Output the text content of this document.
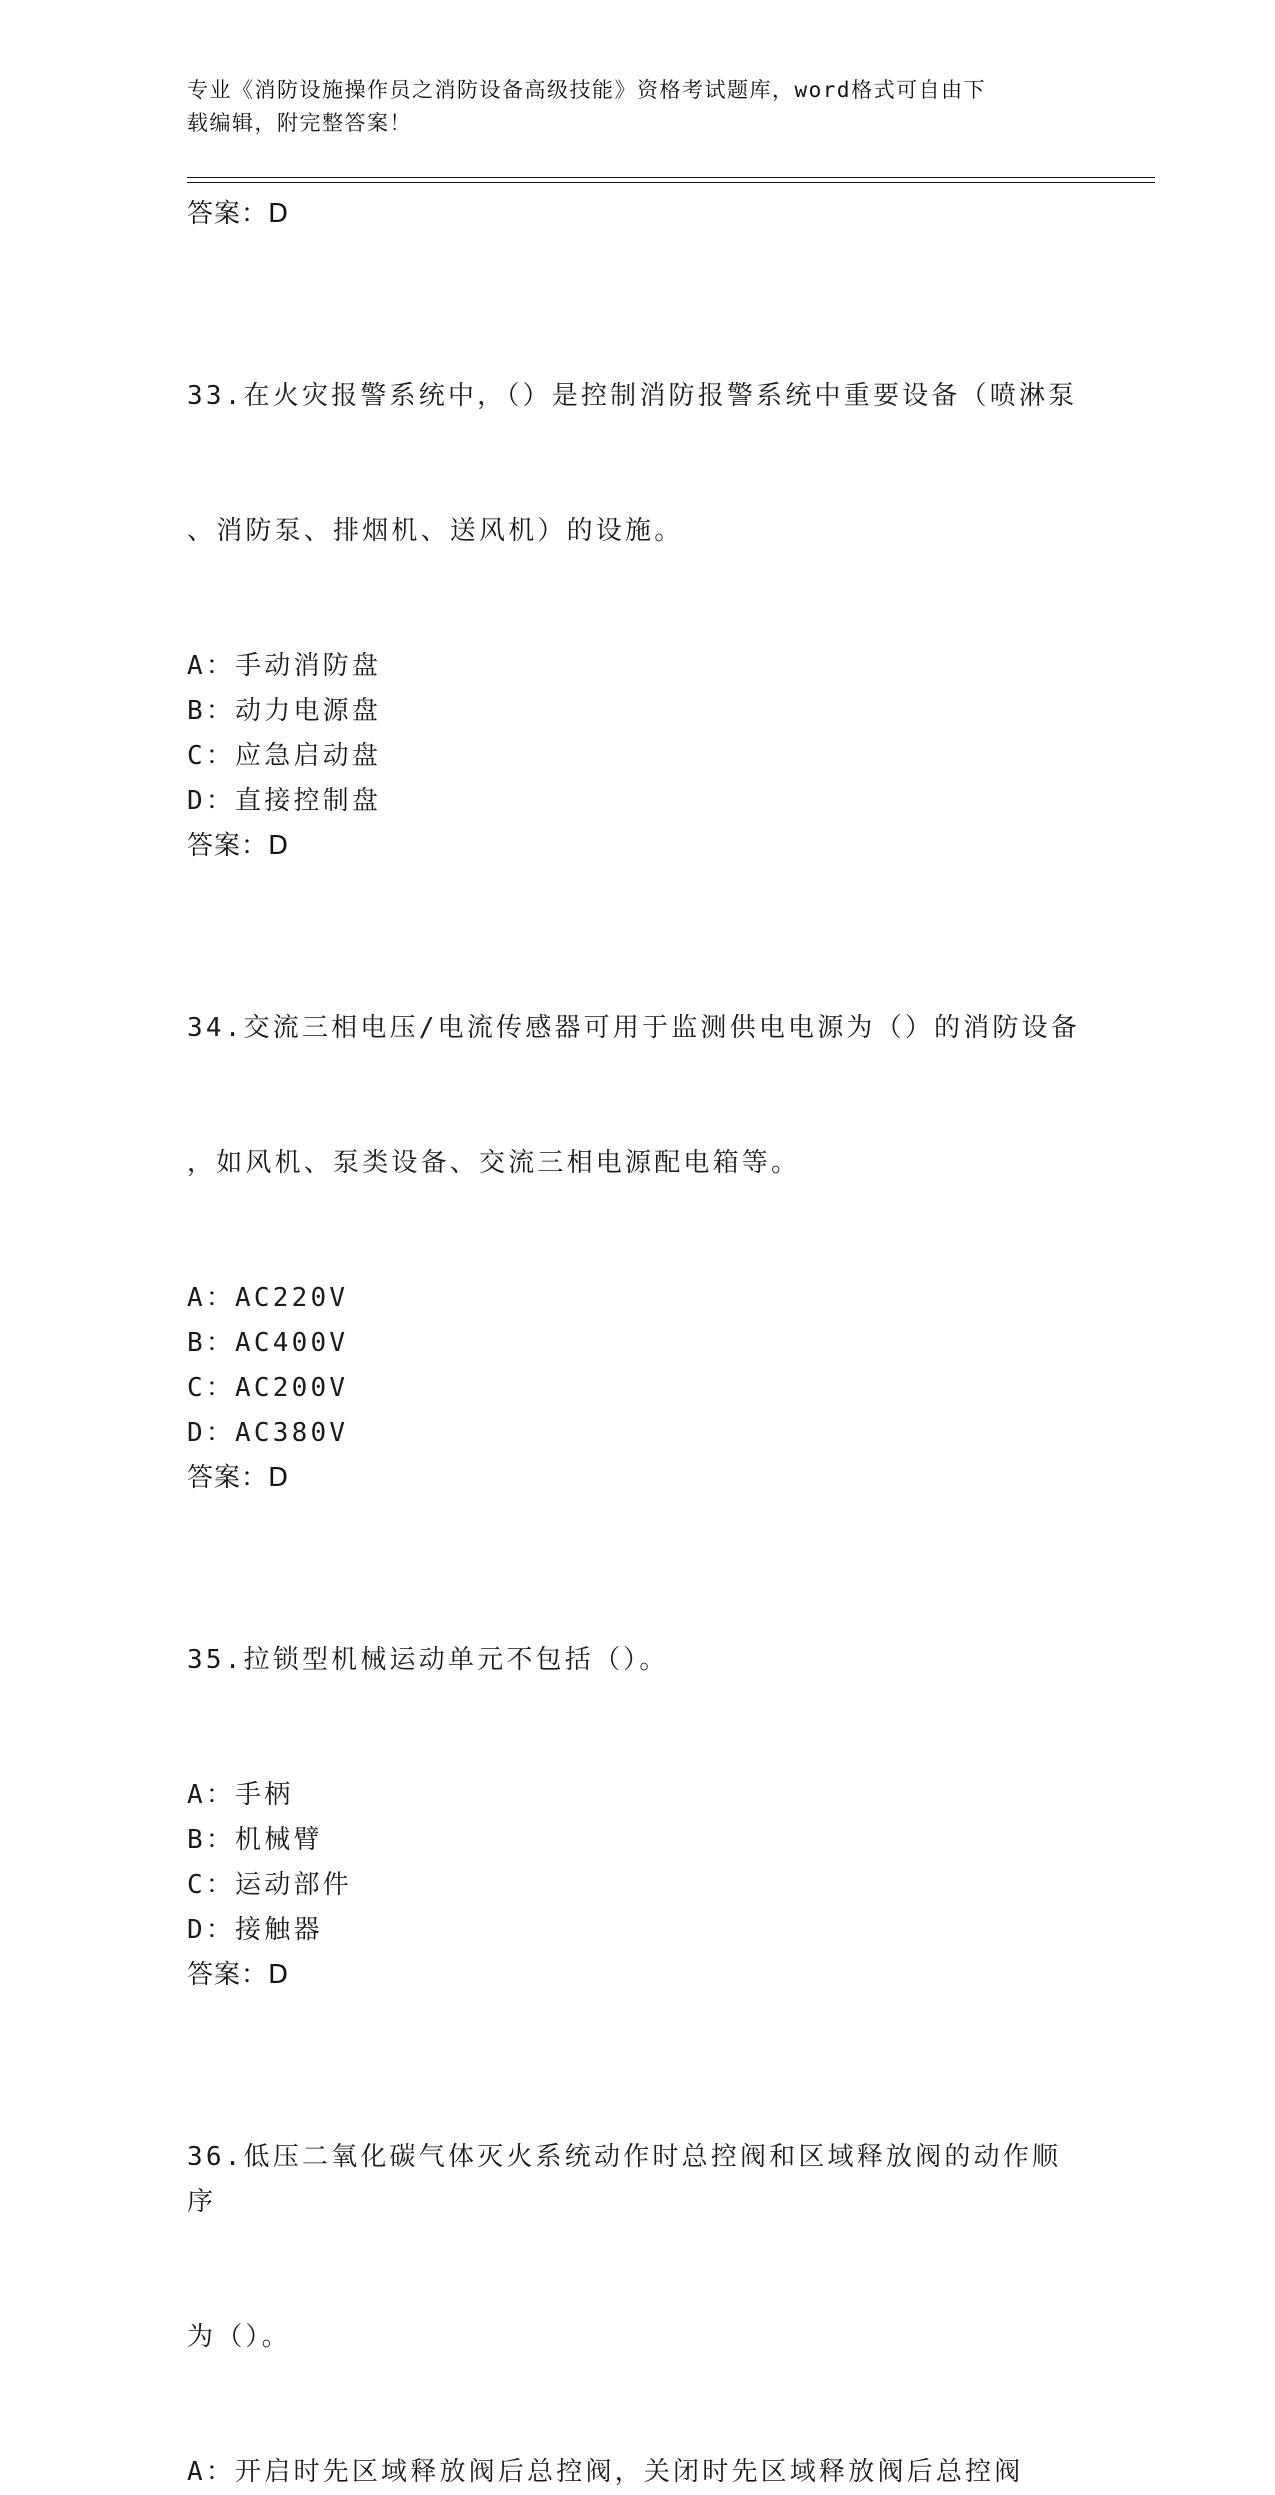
专业《消防设施操作员之消防设备高级技能》资格考试题库，word格式可自由下
载编辑，附完整答案！
答案：D

33.在火灾报警系统中，（）是控制消防报警系统中重要设备（喷淋泵

、消防泵、排烟机、送风机）的设施。

A：手动消防盘
B：动力电源盘
C：应急启动盘
D：直接控制盘
答案：D

34.交流三相电压/电流传感器可用于监测供电电源为（）的消防设备

，如风机、泵类设备、交流三相电源配电箱等。

A：AC220V
B：AC400V
C：AC200V
D：AC380V
答案：D

35.拉锁型机械运动单元不包括（）。

A：手柄
B：机械臂
C：运动部件
D：接触器
答案：D

36.低压二氧化碳气体灭火系统动作时总控阀和区域释放阀的动作顺序

为（）。

A：开启时先区域释放阀后总控阀，关闭时先区域释放阀后总控阀
